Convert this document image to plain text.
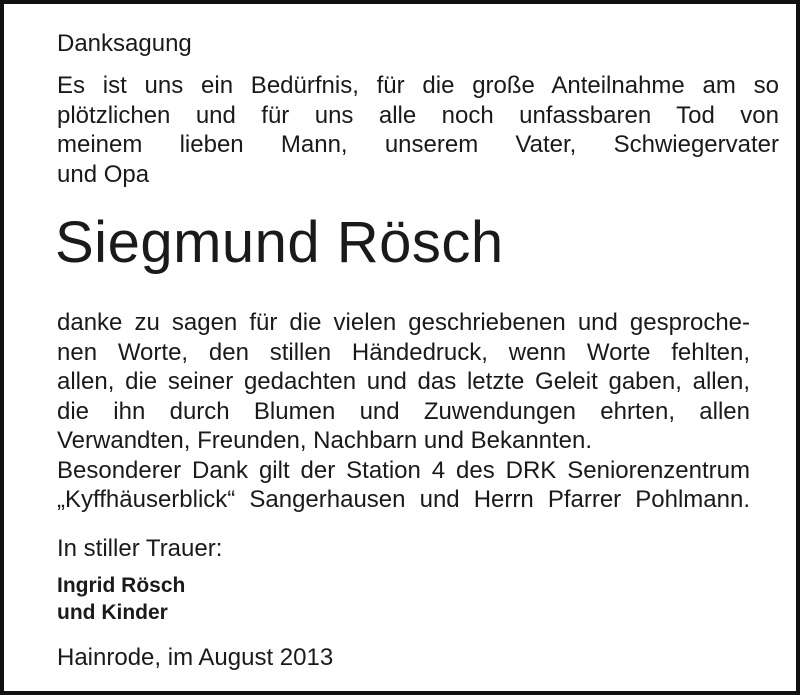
Danksagung
Es ist uns ein Bedürfnis, für die große Anteilnahme am so
plötzlichen und für uns alle noch unfassbaren Tod von
meinem lieben Mann, unserem Vater, Schwiegervater
und Opa
Siegmund Rösch
danke zu sagen für die vielen geschriebenen und gesproche-
nen Worte, den stillen Händedruck, wenn Worte fehlten,
allen, die seiner gedachten und das letzte Geleit gaben, allen,
die ihn durch Blumen und Zuwendungen ehrten, allen
Verwandten, Freunden, Nachbarn und Bekannten.
Besonderer Dank gilt der Station 4 des DRK Seniorenzentrum
„Kyffhäuserblick“ Sangerhausen und Herrn Pfarrer Pohlmann.
In stiller Trauer:
Ingrid Rösch
und Kinder
Hainrode, im August 2013
